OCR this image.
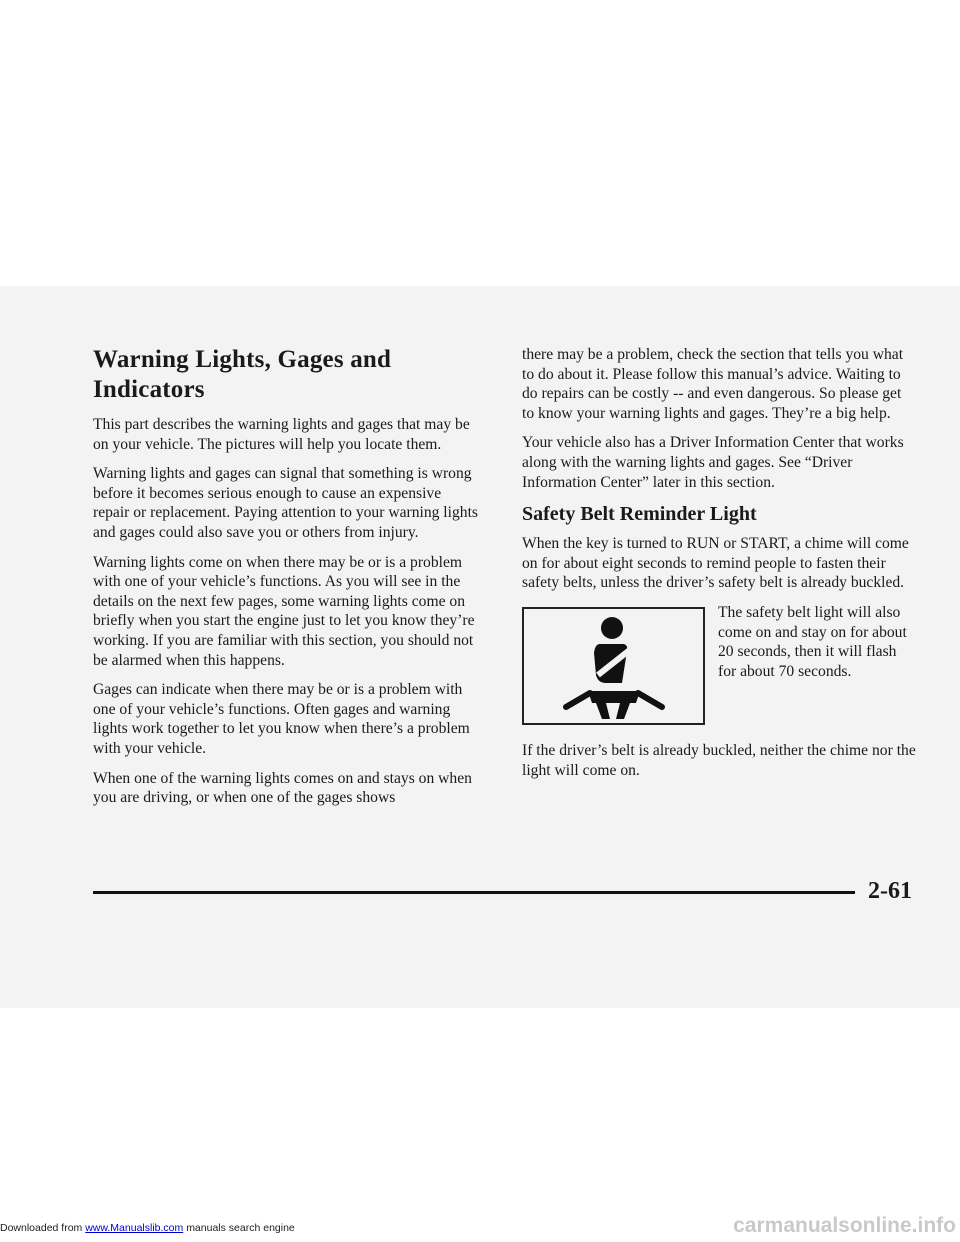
Warning Lights, Gages and Indicators

This part describes the warning lights and gages that may be on your vehicle. The pictures will help you locate them.

Warning lights and gages can signal that something is wrong before it becomes serious enough to cause an expensive repair or replacement. Paying attention to your warning lights and gages could also save you or others from injury.

Warning lights come on when there may be or is a problem with one of your vehicle’s functions. As you will see in the details on the next few pages, some warning lights come on briefly when you start the engine just to let you know they’re working. If you are familiar with this section, you should not be alarmed when this happens.

Gages can indicate when there may be or is a problem with one of your vehicle’s functions. Often gages and warning lights work together to let you know when there’s a problem with your vehicle.

When one of the warning lights comes on and stays on when you are driving, or when one of the gages shows

there may be a problem, check the section that tells you what to do about it. Please follow this manual’s advice. Waiting to do repairs can be costly -- and even dangerous. So please get to know your warning lights and gages. They’re a big help.

Your vehicle also has a Driver Information Center that works along with the warning lights and gages. See “Driver Information Center” later in this section.

Safety Belt Reminder Light

When the key is turned to RUN or START, a chime will come on for about eight seconds to remind people to fasten their safety belts, unless the driver’s safety belt is already buckled.

The safety belt light will also come on and stay on for about 20 seconds, then it will flash for about 70 seconds.

If the driver’s belt is already buckled, neither the chime nor the light will come on.

2-61
Downloaded from www.Manualslib.com manuals search engine	carmanualsonline.info
